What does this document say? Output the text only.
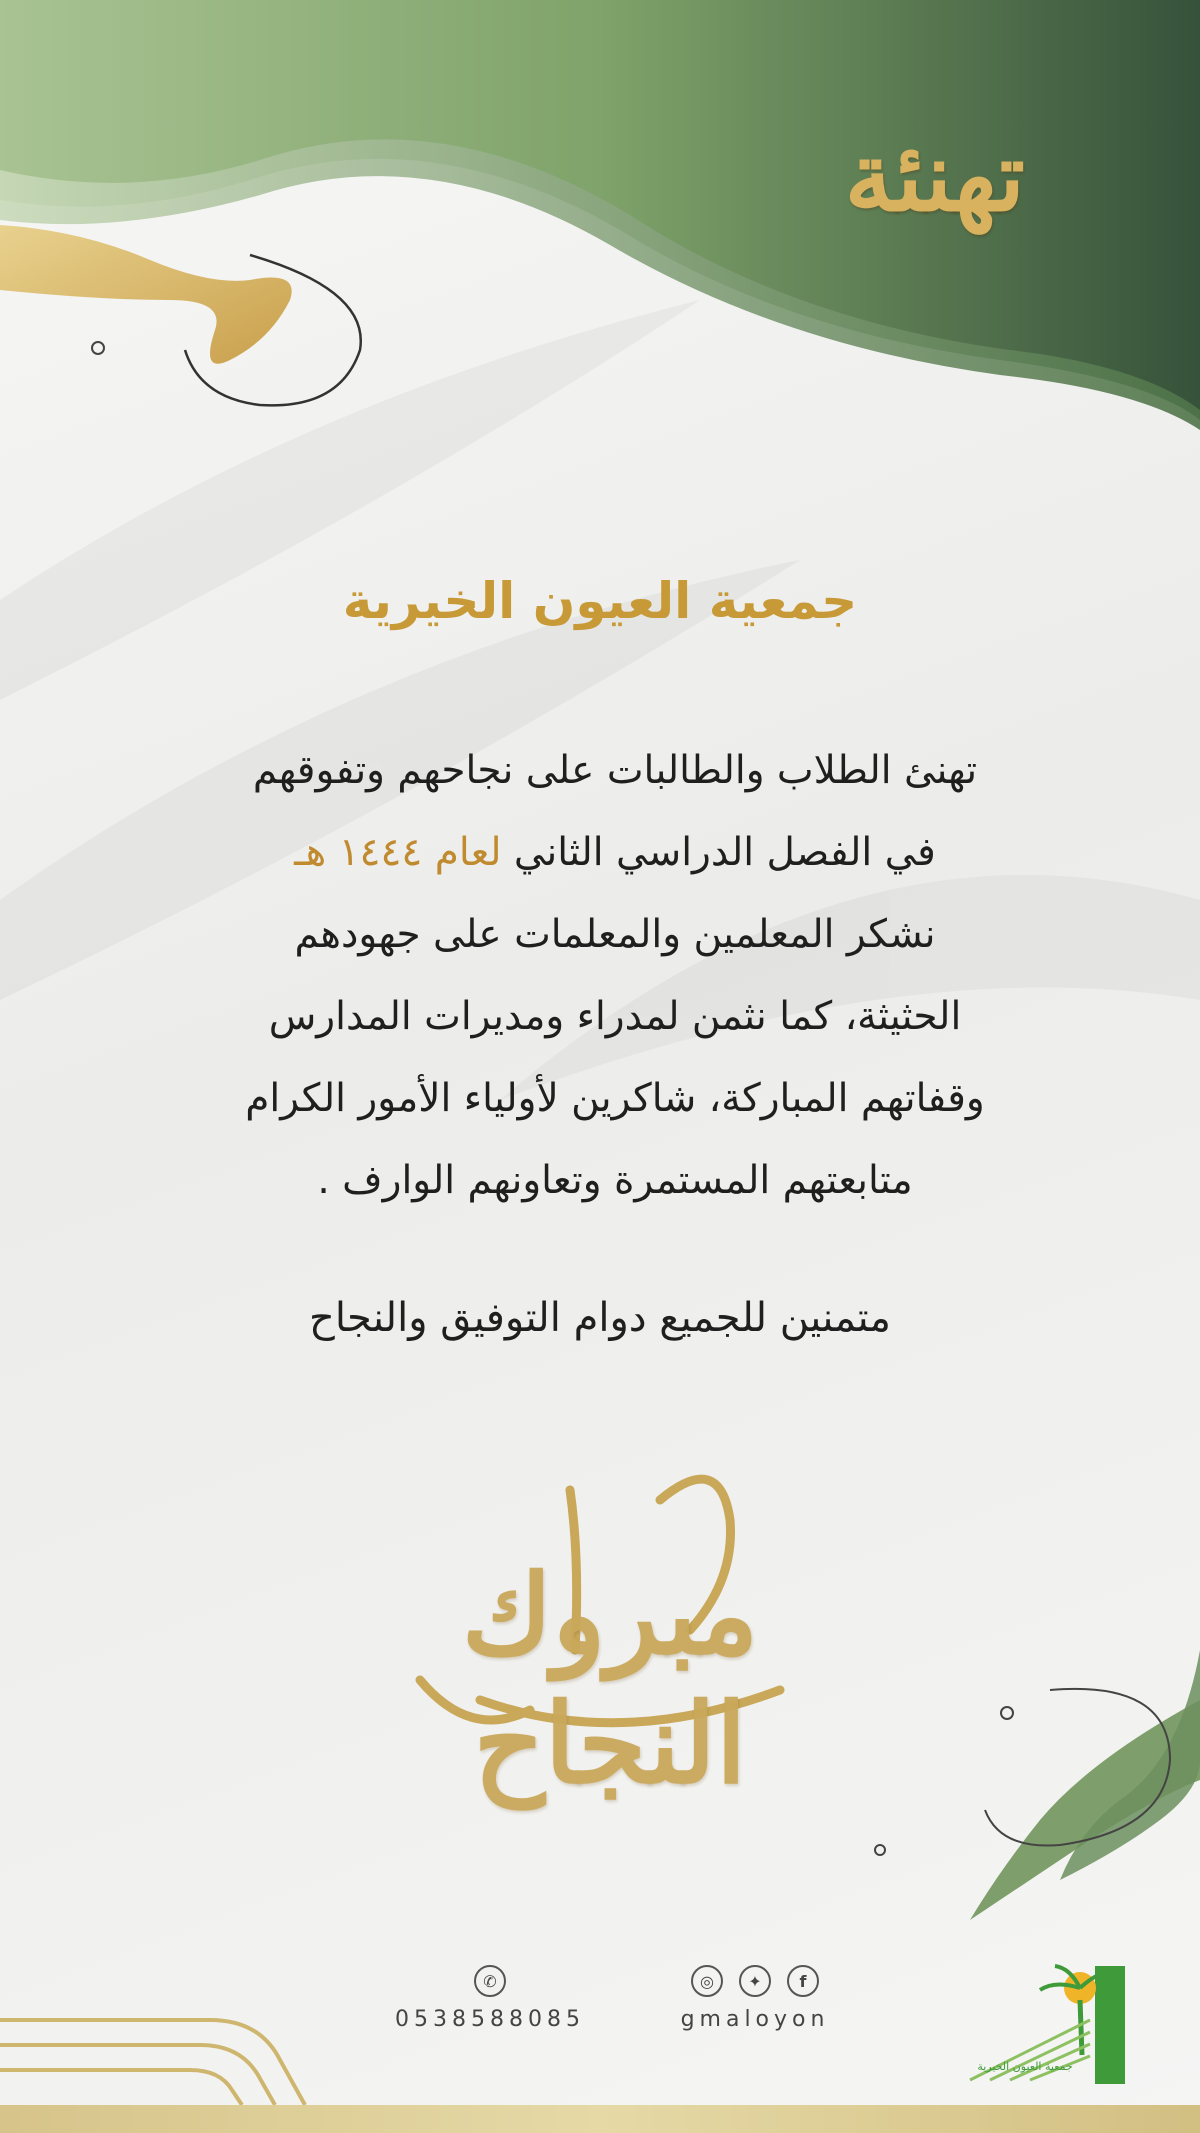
تهنئة
جمعية العيون الخيرية
تهنئ الطلاب والطالبات على نجاحهم وتفوقهم
في الفصل الدراسي الثاني لعام ١٤٤٤ هـ
نشكر المعلمين والمعلمات على جهودهم
الحثيثة، كما نثمن لمدراء ومديرات المدارس
وقفاتهم المباركة، شاكرين لأولياء الأمور الكرام
متابعتهم المستمرة وتعاونهم الوارف .
متمنين للجميع دوام التوفيق والنجاح
مبروك النجاح
✆
0538588085
◎ ✦ f
gmaloyon
جمعية العيون الخيرية
